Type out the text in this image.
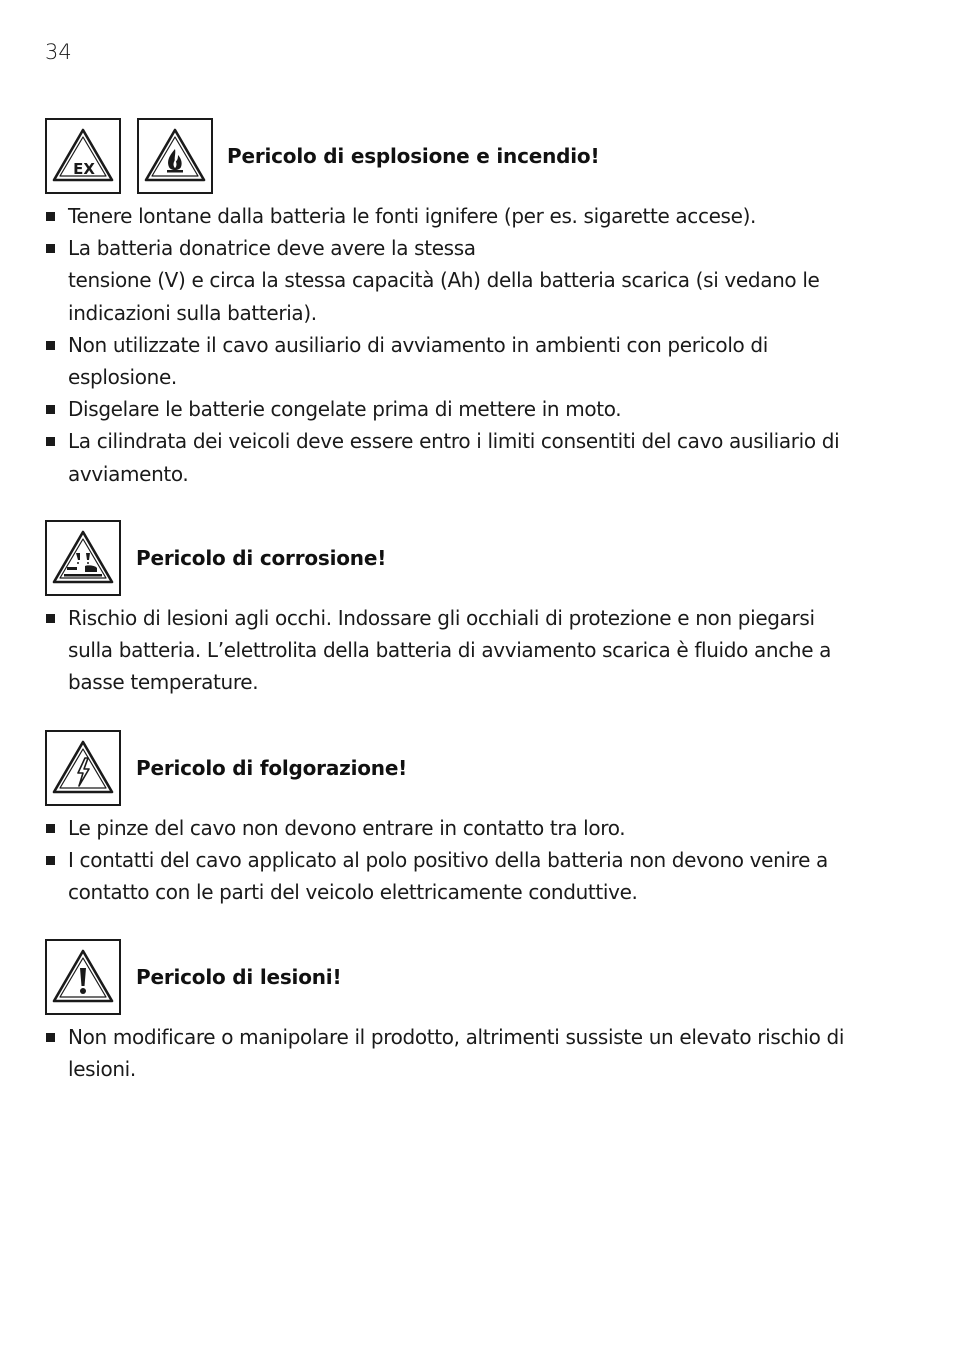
34
EX
Pericolo di esplosione e incendio!
Tenere lontane dalla batteria le fonti ignifere (per es. sigarette accese).
La batteria donatrice deve avere la stessa
tensione (V) e circa la stessa capacità (Ah) della batteria scarica (si vedano le
indicazioni sulla batteria).
Non utilizzate il cavo ausiliario di avviamento in ambienti con pericolo di
esplosione.
Disgelare le batterie congelate prima di mettere in moto.
La cilindrata dei veicoli deve essere entro i limiti consentiti del cavo ausiliario di
avviamento.
Pericolo di corrosione!
Rischio di lesioni agli occhi. Indossare gli occhiali di protezione e non piegarsi
sulla batteria. L’elettrolita della batteria di avviamento scarica è fluido anche a
basse temperature.
Pericolo di folgorazione!
Le pinze del cavo non devono entrare in contatto tra loro.
I contatti del cavo applicato al polo positivo della batteria non devono venire a
contatto con le parti del veicolo elettricamente conduttive.
Pericolo di lesioni!
Non modificare o manipolare il prodotto, altrimenti sussiste un elevato rischio di
lesioni.
